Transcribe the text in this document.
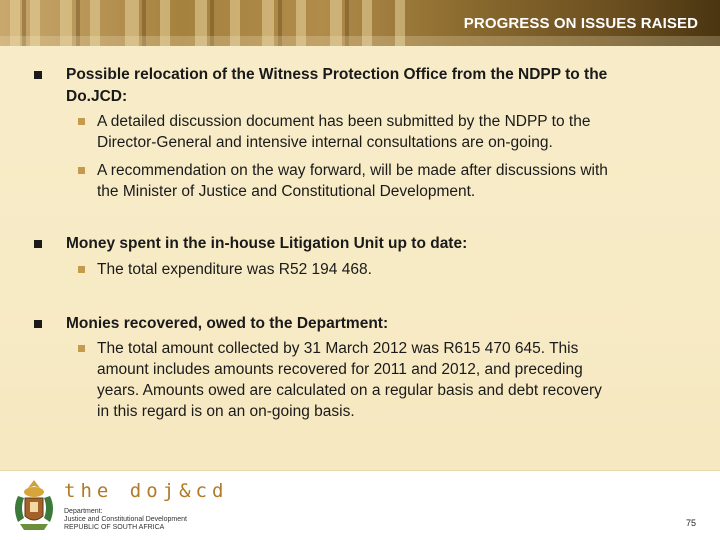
PROGRESS ON ISSUES RAISED
Possible relocation of the Witness Protection Office from the NDPP to the
Do.JCD:
A detailed discussion document has been submitted by the NDPP to the
Director-General and intensive internal consultations are on-going.
A recommendation on the way forward, will be made after discussions with
the Minister of Justice and Constitutional Development.
Money spent in the in-house Litigation Unit up to date:
The total expenditure was R52 194 468.
Monies recovered, owed to the Department:
The total amount collected by 31 March 2012 was R615 470 645. This
amount includes amounts recovered for 2011 and 2012, and preceding
years. Amounts owed are calculated on a regular basis and debt recovery
in this regard is on an on-going basis.
the doj&cd
Department:
Justice and Constitutional Development
REPUBLIC OF SOUTH AFRICA	75
